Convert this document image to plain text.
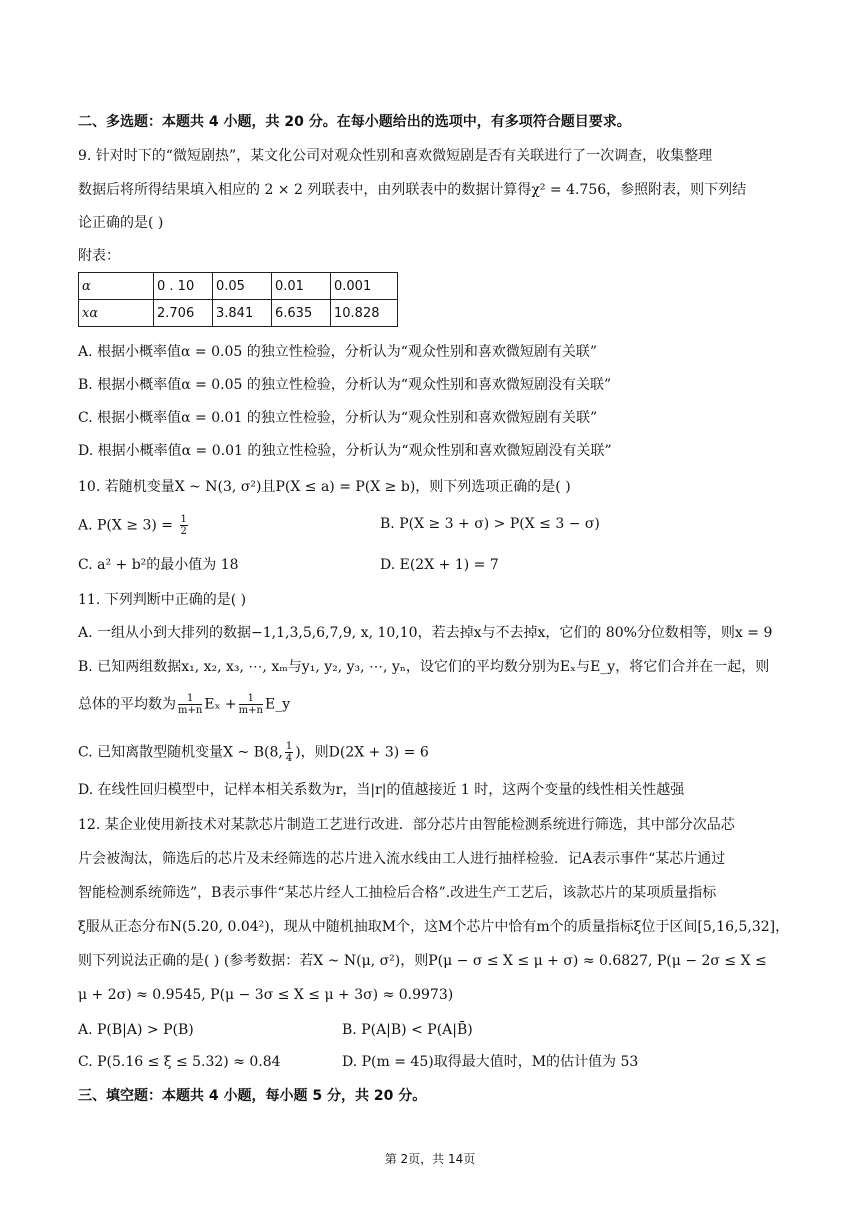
二、多选题：本题共 4 小题，共 20 分。在每小题给出的选项中，有多项符合题目要求。
9. 针对时下的“微短剧热”，某文化公司对观众性别和喜欢微短剧是否有关联进行了一次调查，收集整理
数据后将所得结果填入相应的 2 × 2 列联表中，由列联表中的数据计算得χ² = 4.756，参照附表，则下列结
论正确的是( )
附表：
α	0 . 10	0.05	0.01	0.001
xα	2.706	3.841	6.635	10.828
A. 根据小概率值α = 0.05 的独立性检验，分析认为“观众性别和喜欢微短剧有关联”
B. 根据小概率值α = 0.05 的独立性检验，分析认为“观众性别和喜欢微短剧没有关联”
C. 根据小概率值α = 0.01 的独立性检验，分析认为“观众性别和喜欢微短剧有关联”
D. 根据小概率值α = 0.01 的独立性检验，分析认为“观众性别和喜欢微短剧没有关联”
10. 若随机变量X ~ N(3, σ²)且P(X ≤ a) = P(X ≥ b)，则下列选项正确的是( )
A. $P(X \ge 3) = \frac{1}{2}$	B. P(X ≥ 3 + σ) > P(X ≤ 3 − σ)
C. a² + b²的最小值为 18	D. E(2X + 1) = 7
11. 下列判断中正确的是( )
A. 一组从小到大排列的数据−1,1,3,5,6,7,9, x, 10,10，若去掉x与不去掉x，它们的 80%分位数相等，则x = 9
B. 已知两组数据x₁, x₂, x₃, ⋯, xₘ与y₁, y₂, y₃, ⋯, yₙ，设它们的平均数分别为Eₓ与E_y，将它们合并在一起，则
总体的平均数为 $\frac{1}{m+n}$ $E_x + \frac{1}{m+n}$ E_y
C. 已知离散型随机变量X ~ B(8, $\frac{1}{4}$ )，则D(2X + 3) = 6
D. 在线性回归模型中，记样本相关系数为r，当|r|的值越接近 1 时，这两个变量的线性相关性越强
12. 某企业使用新技术对某款芯片制造工艺进行改进．部分芯片由智能检测系统进行筛选，其中部分次品芯
片会被淘汰，筛选后的芯片及未经筛选的芯片进入流水线由工人进行抽样检验．记A表示事件“某芯片通过
智能检测系统筛选”，B表示事件“某芯片经人工抽检后合格”.改进生产工艺后，该款芯片的某项质量指标
ξ服从正态分布N(5.20, 0.04²)，现从中随机抽取M个，这M个芯片中恰有m个的质量指标ξ位于区间[5,16,5,32]，
则下列说法正确的是( ) (参考数据：若X ~ N(μ, σ²)，则P(μ − σ ≤ X ≤ μ + σ) ≈ 0.6827, P(μ − 2σ ≤ X ≤
μ + 2σ) ≈ 0.9545, P(μ − 3σ ≤ X ≤ μ + 3σ) ≈ 0.9973)
A. P(B|A) > P(B)	B. P(A|B) < P(A|B̄)
C. P(5.16 ≤ ξ ≤ 5.32) ≈ 0.84	D. P(m = 45)取得最大值时，M的估计值为 53
三、填空题：本题共 4 小题，每小题 5 分，共 20 分。
第 2页，共 14页
